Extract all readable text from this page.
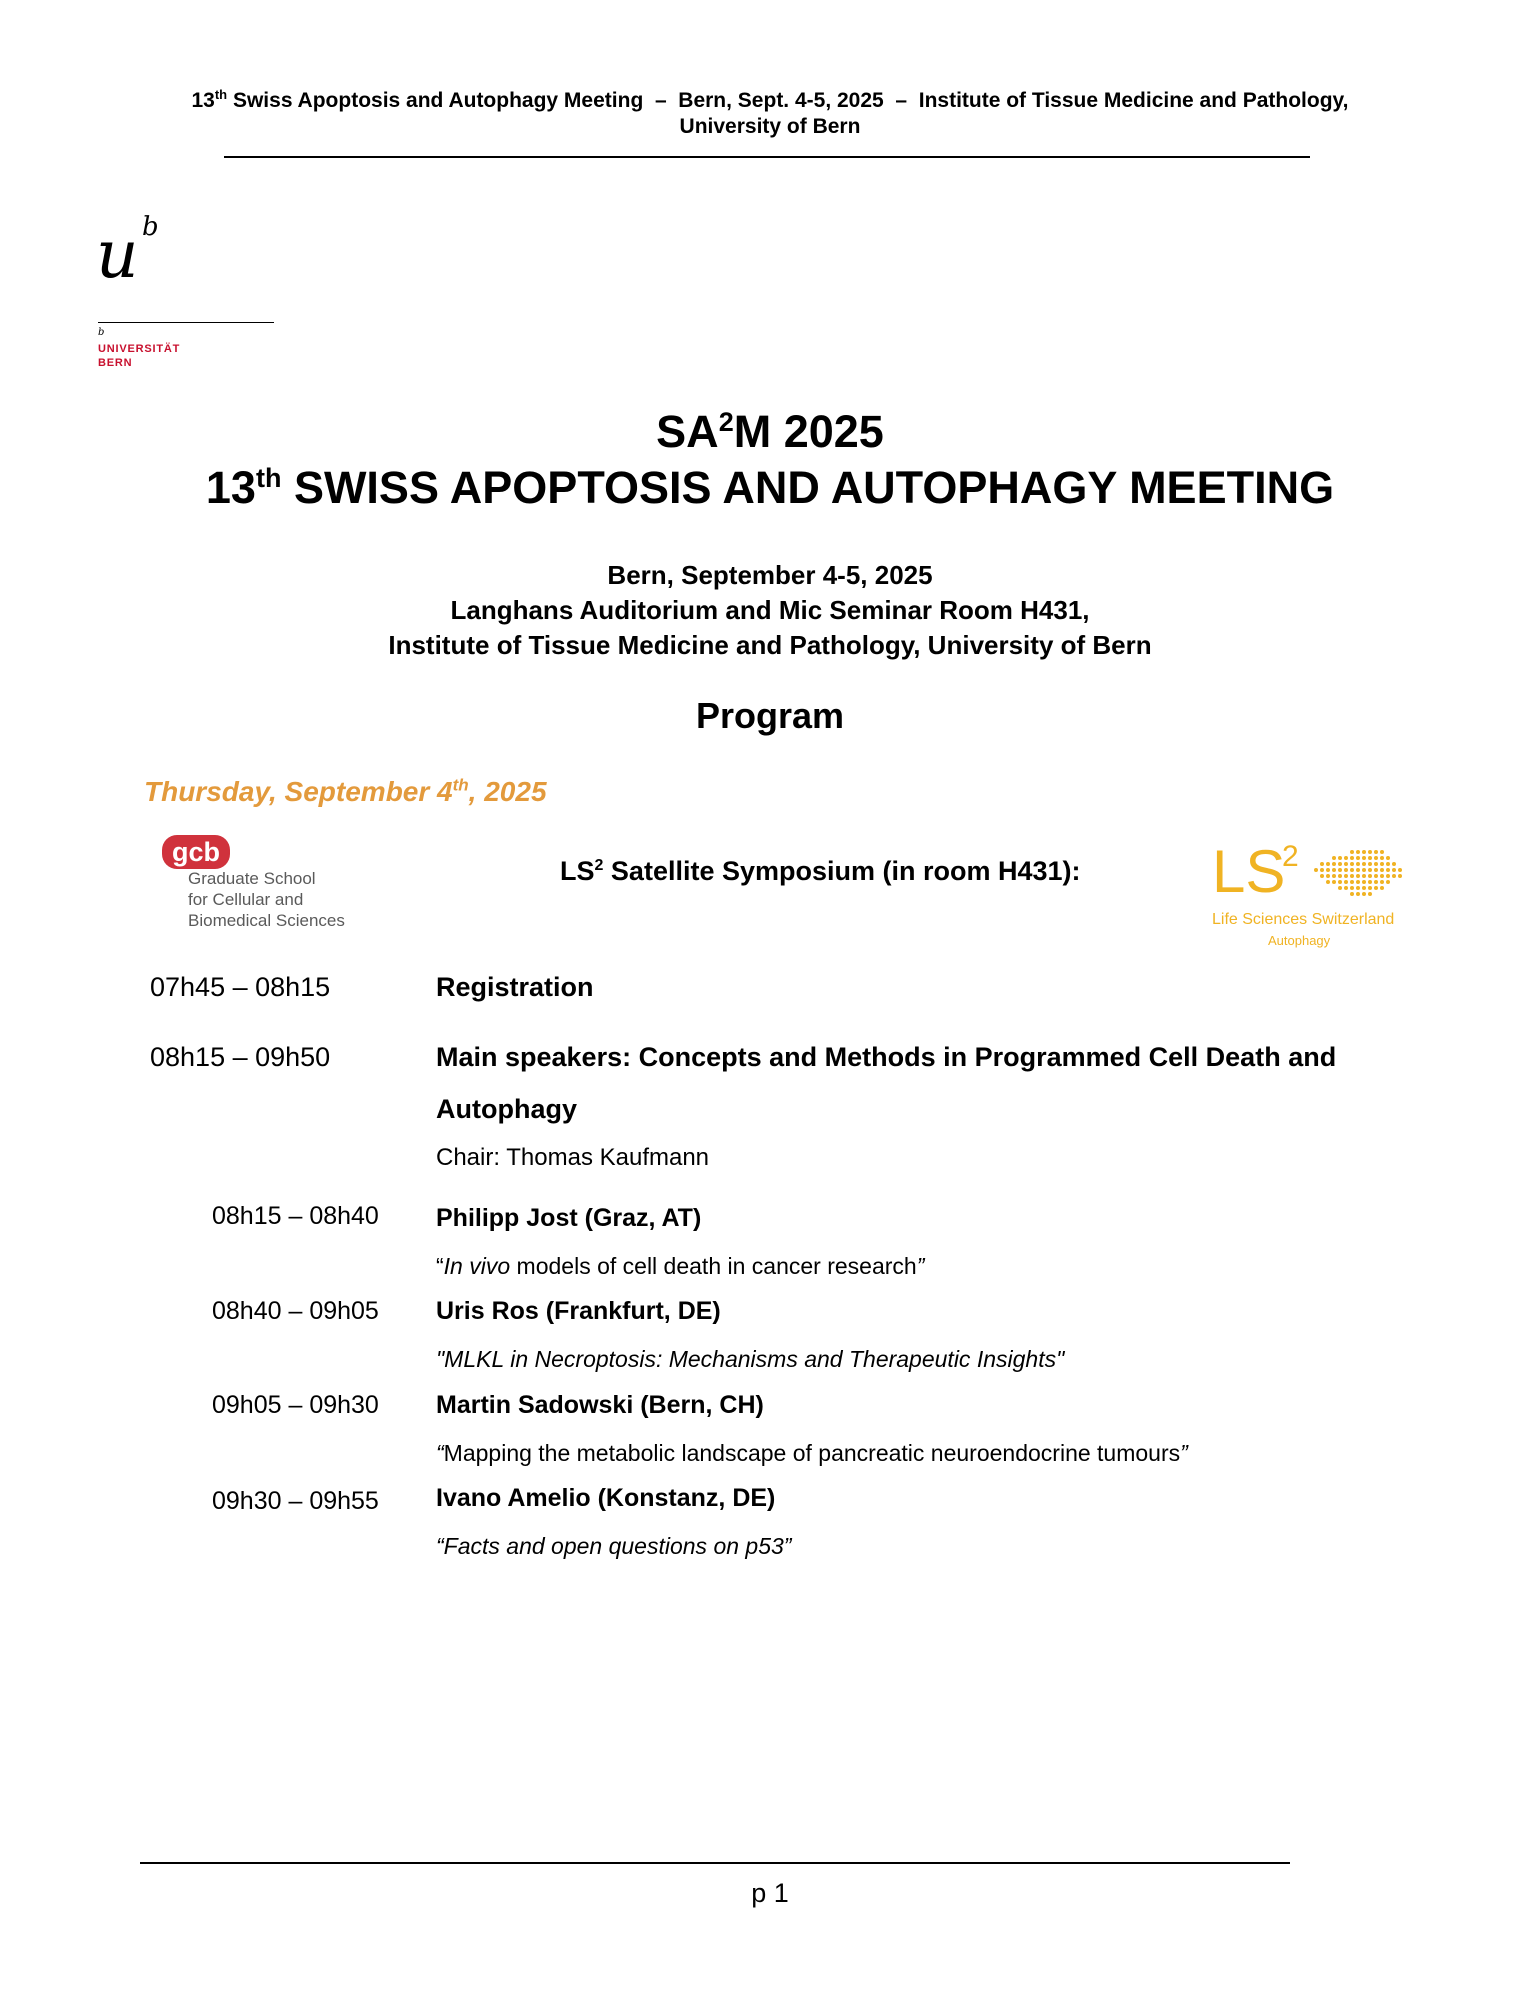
13th Swiss Apoptosis and Autophagy Meeting  –  Bern, Sept. 4-5, 2025  –  Institute of Tissue Medicine and Pathology,
University of Bern
u b
b
UNIVERSITÄT
BERN
$SA^2M$ 2025
13th SWISS APOPTOSIS AND AUTOPHAGY MEETING
Bern, September 4-5, 2025
Langhans Auditorium and Mic Seminar Room H431,
Institute of Tissue Medicine and Pathology, University of Bern
Program
Thursday, September 4th, 2025
gcb
Graduate School
for Cellular and
Biomedical Sciences
$LS^2$ Satellite Symposium (in room H431): LS
2
Life Sciences Switzerland
Autophagy
07h45 – 08h15	Registration
08h15 – 09h50	Main speakers: Concepts and Methods in Programmed Cell Death and
Autophagy
Chair: Thomas Kaufmann
08h15 – 08h40 Philipp Jost (Graz, AT)
“In vivo models of cell death in cancer research”
08h40 – 09h05 Uris Ros (Frankfurt, DE)
"MLKL in Necroptosis: Mechanisms and Therapeutic Insights"
09h05 – 09h30 Martin Sadowski (Bern, CH)
“Mapping the metabolic landscape of pancreatic neuroendocrine tumours”
09h30 – 09h55 Ivano Amelio (Konstanz, DE)
“Facts and open questions on p53”
p 1
